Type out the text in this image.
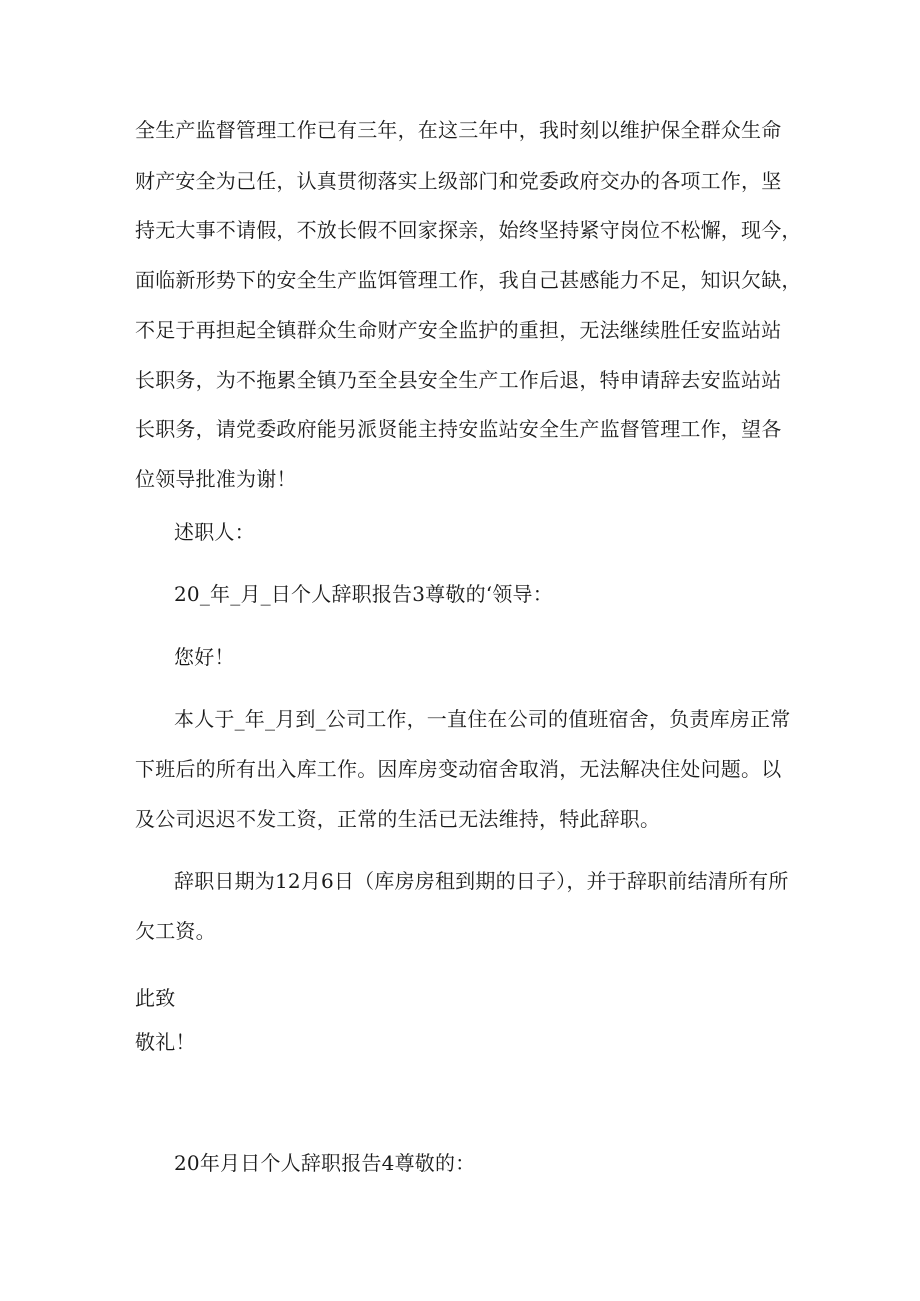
全生产监督管理工作已有三年，在这三年中，我时刻以维护保全群众生命
财产安全为己任，认真贯彻落实上级部门和党委政府交办的各项工作，坚
持无大事不请假，不放长假不回家探亲，始终坚持紧守岗位不松懈，现今，
面临新形势下的安全生产监饵管理工作，我自己甚感能力不足，知识欠缺，
不足于再担起全镇群众生命财产安全监护的重担，无法继续胜任安监站站
长职务，为不拖累全镇乃至全县安全生产工作后退，特申请辞去安监站站
长职务，请党委政府能另派贤能主持安监站安全生产监督管理工作，望各
位领导批准为谢！
述职人：
20_年_月_日个人辞职报告3尊敬的‘领导：
您好！
本人于_年_月到_公司工作，一直住在公司的值班宿舍，负责库房正常
下班后的所有出入库工作。因库房变动宿舍取消，无法解决住处问题。以
及公司迟迟不发工资，正常的生活已无法维持，特此辞职。
辞职日期为12月6日（库房房租到期的日子），并于辞职前结清所有所
欠工资。
此致
敬礼！
20年月日个人辞职报告4尊敬的：
